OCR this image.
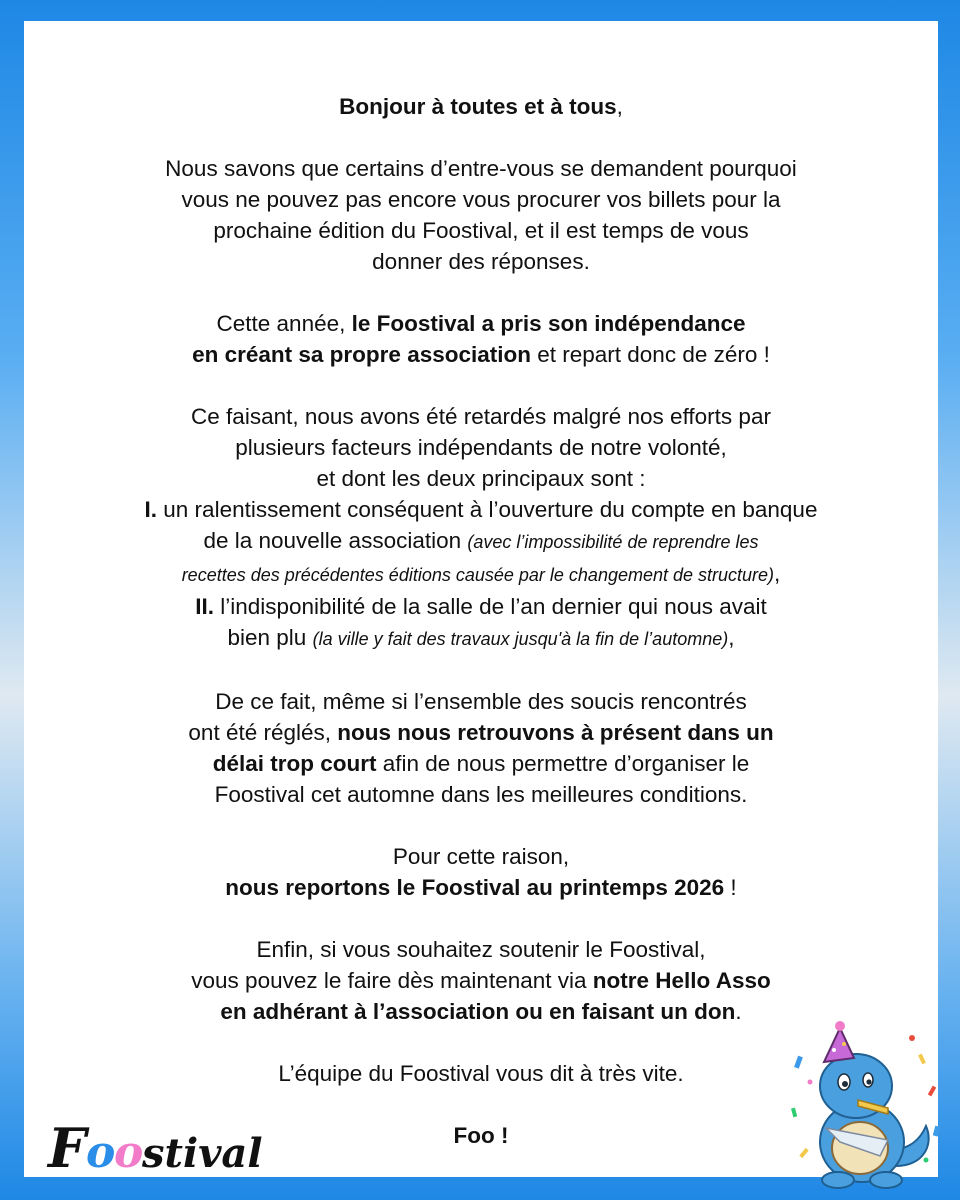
Bonjour à toutes et à tous,

Nous savons que certains d’entre-vous se demandent pourquoi
vous ne pouvez pas encore vous procurer vos billets pour la
prochaine édition du Foostival, et il est temps de vous
donner des réponses.

Cette année, le Foostival a pris son indépendance
en créant sa propre association et repart donc de zéro !

Ce faisant, nous avons été retardés malgré nos efforts par
plusieurs facteurs indépendants de notre volonté,
et dont les deux principaux sont :
I. un ralentissement conséquent à l’ouverture du compte en banque
de la nouvelle association (avec l’impossibilité de reprendre les
recettes des précédentes éditions causée par le changement de structure),
II. l’indisponibilité de la salle de l’an dernier qui nous avait
bien plu (la ville y fait des travaux jusqu'à la fin de l’automne),

De ce fait, même si l’ensemble des soucis rencontrés
ont été réglés, nous nous retrouvons à présent dans un
délai trop court afin de nous permettre d’organiser le
Foostival cet automne dans les meilleures conditions.

Pour cette raison,
nous reportons le Foostival au printemps 2026 !

Enfin, si vous souhaitez soutenir le Foostival,
vous pouvez le faire dès maintenant via notre Hello Asso
en adhérant à l’association ou en faisant un don.

L’équipe du Foostival vous dit à très vite.

Foo !

F o
o
stival
